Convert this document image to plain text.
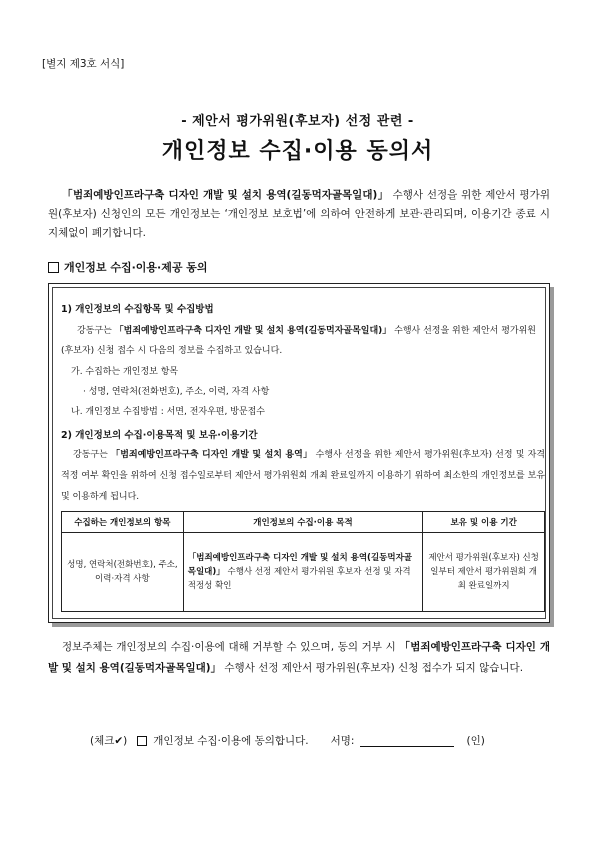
[별지 제3호 서식]
- 제안서 평가위원(후보자) 선정 관련 -
개인정보 수집·이용 동의서
「범죄예방인프라구축 디자인 개발 및 설치 용역(길동먹자골목일대)」 수행사 선정을 위한 제안서 평가위원(후보자) 신청인의 모든 개인정보는 ‘개인정보 보호법’에 의하여 안전하게 보관·관리되며, 이용기간 종료 시 지체없이 폐기합니다.
개인정보 수집·이용·제공 동의
1) 개인정보의 수집항목 및 수집방법
강동구는 「범죄예방인프라구축 디자인 개발 및 설치 용역(길동먹자골목일대)」 수행사 선정을 위한 제안서 평가위원 (후보자) 신청 접수 시 다음의 정보를 수집하고 있습니다.
가. 수집하는 개인정보 항목
· 성명, 연락처(전화번호), 주소, 이력, 자격 사항
나. 개인정보 수집방법 : 서면, 전자우편, 방문접수
2) 개인정보의 수집·이용목적 및 보유·이용기간
강동구는 「범죄예방인프라구축 디자인 개발 및 설치 용역」 수행사 선정을 위한 제안서 평가위원(후보자) 선정 및 자격 적정 여부 확인을 위하여 신청 접수일로부터 제안서 평가위원회 개최 완료일까지 이용하기 위하여 최소한의 개인정보를 보유 및 이용하게 됩니다.
수집하는 개인정보의 항목	개인정보의 수집·이용 목적	보유 및 이용 기간
성명, 연락처(전화번호), 주소, 이력·자격 사항	「범죄예방인프라구축 디자인 개발 및 설치 용역(길동먹자골목일대)」 수행사 선정 제안서 평가위원 후보자 선정 및 자격 적정성 확인	제안서 평가위원(후보자) 신청일부터 제안서 평가위원회 개최 완료일까지
정보주체는 개인정보의 수집·이용에 대해 거부할 수 있으며, 동의 거부 시 「범죄예방인프라구축 디자인 개발 및 설치 용역(길동먹자골목일대)」 수행사 선정 제안서 평가위원(후보자) 신청 접수가 되지 않습니다.
(체크✔) 개인정보 수집·이용에 동의합니다. 서명:	(인)
